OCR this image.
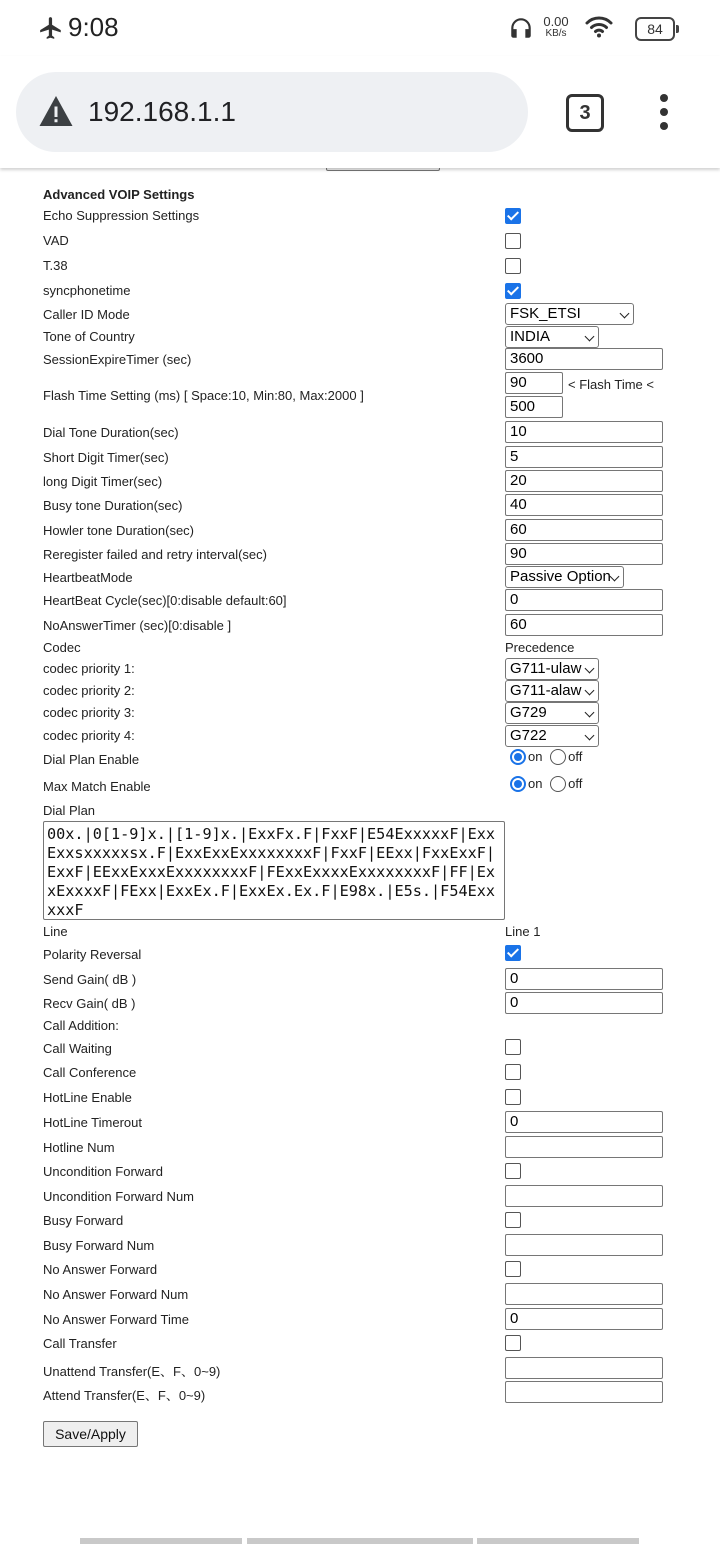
9:08	0.00
KB/s	84
192.168.1.1	3
Advanced VOIP Settings
Echo Suppression Settings
VAD
T.38
syncphonetime
Caller ID Mode	FSK_ETSI
Tone of Country	INDIA
SessionExpireTimer (sec)	3600
Flash Time Setting (ms) [ Space:10, Min:80, Max:2000 ]
90	< Flash Time <
500
Dial Tone Duration(sec)	10
Short Digit Timer(sec)	5
long Digit Timer(sec)	20
Busy tone Duration(sec)	40
Howler tone Duration(sec)	60
Reregister failed and retry interval(sec)	90
HeartbeatMode	Passive Option
HeartBeat Cycle(sec)[0:disable default:60]	0
NoAnswerTimer (sec)[0:disable ]	60
Codec	Precedence
codec priority 1:	G711-ulaw
codec priority 2:	G711-alaw
codec priority 3:	G729
codec priority 4:	G722
Dial Plan Enable	on off
Max Match Enable	on off
Dial Plan
00x.|0[1-9]x.|[1-9]x.|ExxFx.F|FxxF|E54ExxxxxF|ExxExxsxxxxxsx.F|ExxExxExxxxxxxxF|FxxF|EExx|FxxExxF|ExxF|EExxExxxExxxxxxxxF|FExxExxxxExxxxxxxxF|FF|ExxExxxxF|FExx|ExxEx.F|ExxEx.Ex.F|E98x.|E5s.|F54ExxxxxF
Line	Line 1
Polarity Reversal
Send Gain( dB )	0
Recv Gain( dB )	0
Call Addition:
Call Waiting
Call Conference
HotLine Enable
HotLine Timerout	0
Hotline Num
Uncondition Forward
Uncondition Forward Num
Busy Forward
Busy Forward Num
No Answer Forward
No Answer Forward Num
No Answer Forward Time	0
Call Transfer
Unattend Transfer(E、F、0~9)
Attend Transfer(E、F、0~9)
Save/Apply
